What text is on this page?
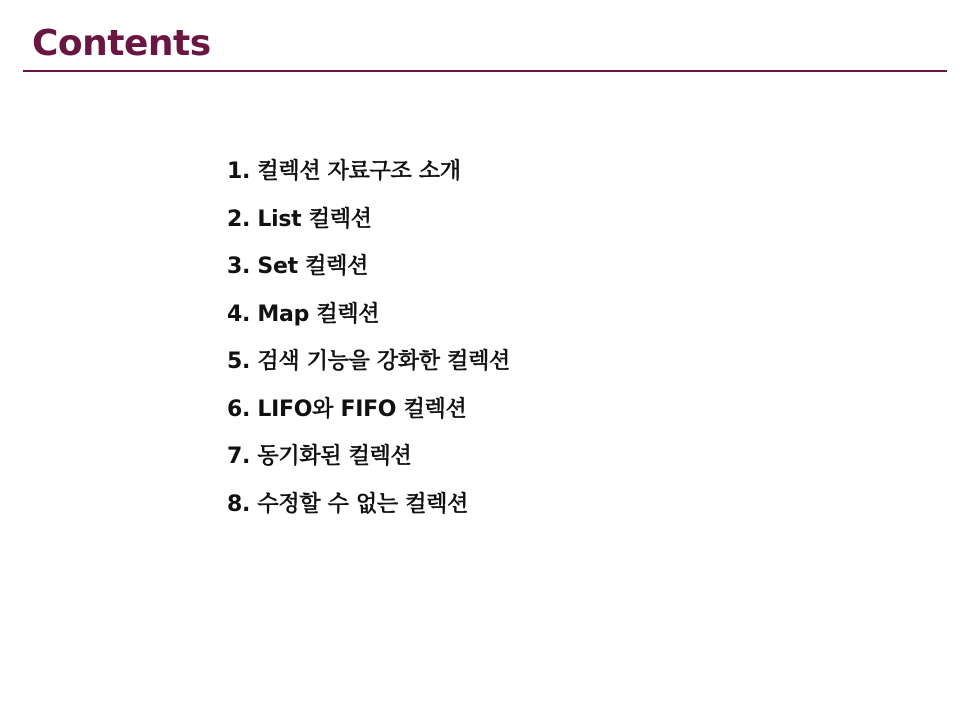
Contents
1. 컬렉션 자료구조 소개
2. List 컬렉션
3. Set 컬렉션
4. Map 컬렉션
5. 검색 기능을 강화한 컬렉션
6. LIFO와 FIFO 컬렉션
7. 동기화된 컬렉션
8. 수정할 수 없는 컬렉션
